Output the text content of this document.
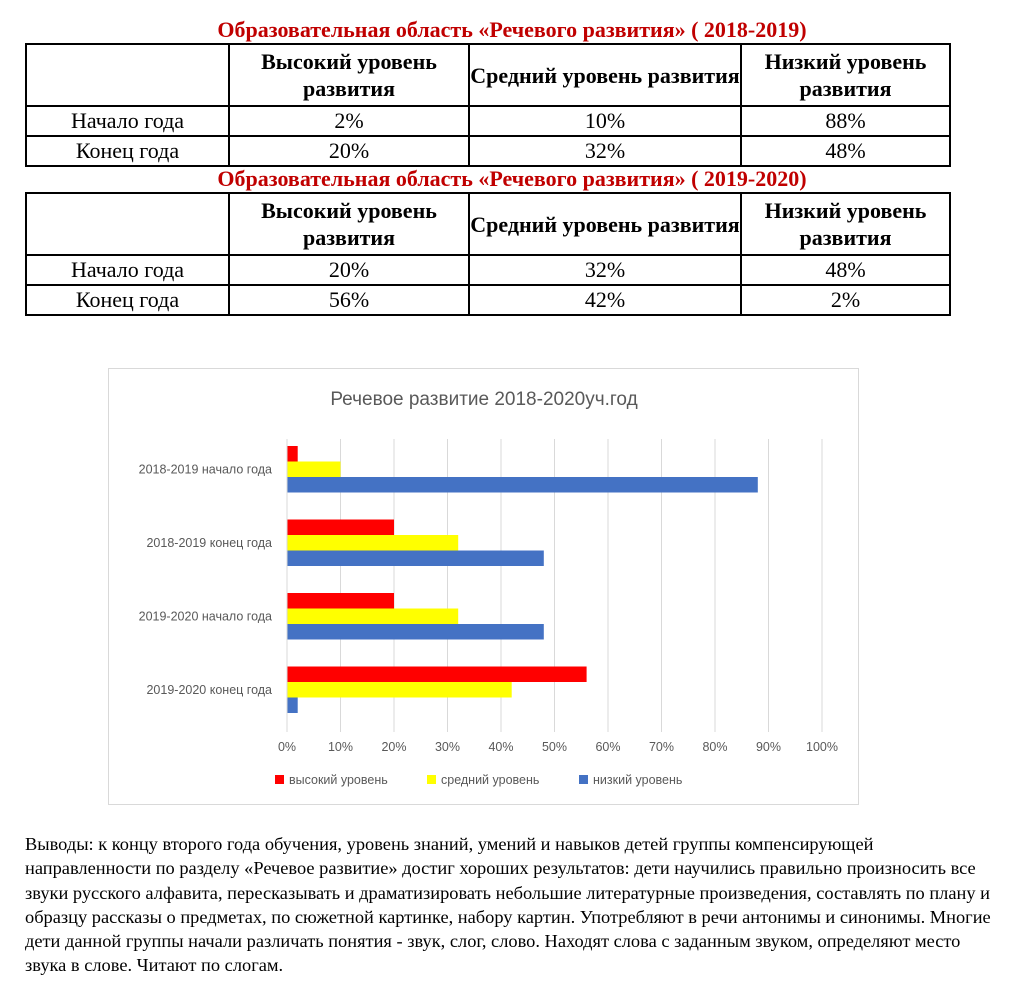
Образовательная область «Речевого развития» ( 2018-2019)
	Высокий уровень развития	Средний уровень развития	Низкий уровень развития
Начало года	2%	10%	88%
Конец года	20%	32%	48%
Образовательная область «Речевого развития» ( 2019-2020)
	Высокий уровень развития	Средний уровень развития	Низкий уровень развития
Начало года	20%	32%	48%
Конец года	56%	42%	2%
Речевое развитие 2018-2020уч.год
0%	10% 20% 30% 40% 50% 60% 70% 80% 90% 100%
2018-2019 начало года
2018-2019 конец года
2019-2020 начало года
2019-2020 конец года
высокий уровень	средний уровень	низкий уровень
Выводы: к концу второго года обучения, уровень знаний, умений и навыков детей группы компенсирующей направленности по разделу «Речевое развитие» достиг хороших результатов: дети научились правильно произносить все звуки русского алфавита, пересказывать и драматизировать небольшие литературные произведения, составлять по плану и образцу рассказы о предметах, по сюжетной картинке, набору картин. Употребляют в речи антонимы и синонимы. Многие дети данной группы начали различать понятия - звук, слог, слово. Находят слова с заданным звуком, определяют место звука в слове. Читают по слогам.
